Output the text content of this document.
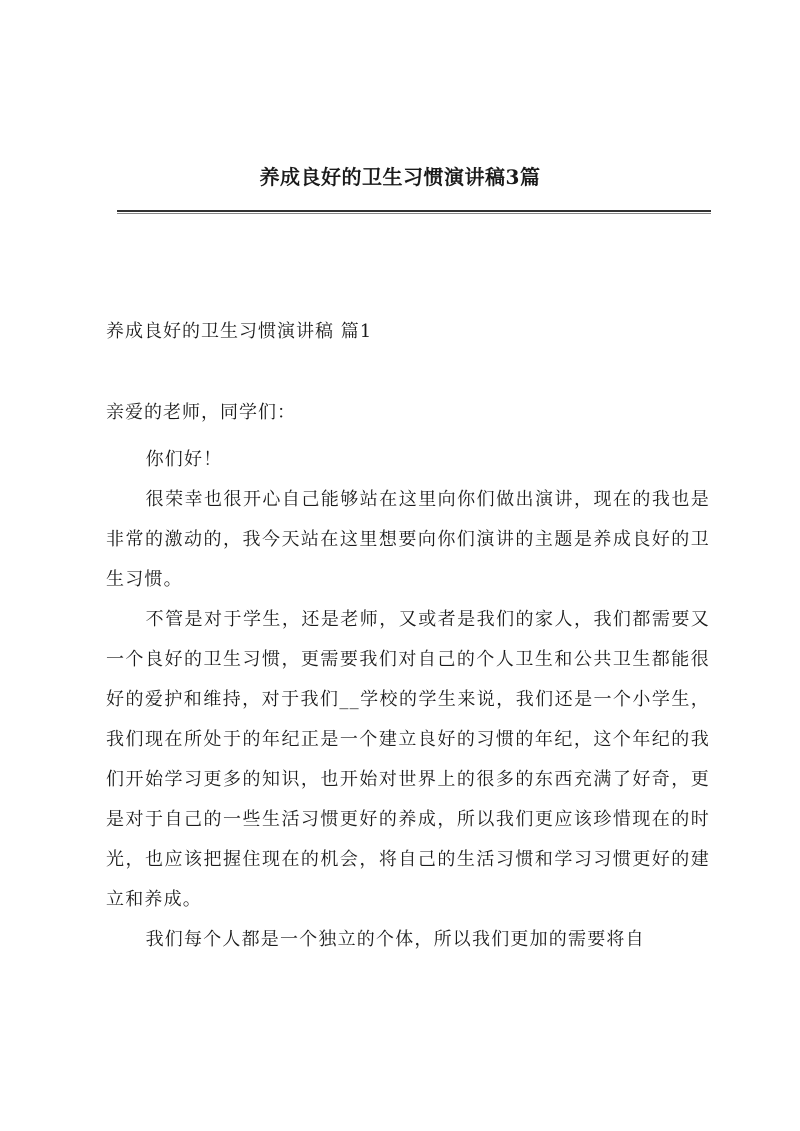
养成良好的卫生习惯演讲稿3篇
养成良好的卫生习惯演讲稿 篇1
亲爱的老师，同学们：

你们好！

很荣幸也很开心自己能够站在这里向你们做出演讲，现在的我也是非常的激动的，我今天站在这里想要向你们演讲的主题是养成良好的卫生习惯。

不管是对于学生，还是老师，又或者是我们的家人，我们都需要又一个良好的卫生习惯，更需要我们对自己的个人卫生和公共卫生都能很好的爱护和维持，对于我们__学校的学生来说，我们还是一个小学生，我们现在所处于的年纪正是一个建立良好的习惯的年纪，这个年纪的我们开始学习更多的知识，也开始对世界上的很多的东西充满了好奇，更是对于自己的一些生活习惯更好的养成，所以我们更应该珍惜现在的时光，也应该把握住现在的机会，将自己的生活习惯和学习习惯更好的建立和养成。

我们每个人都是一个独立的个体，所以我们更加的需要将自
